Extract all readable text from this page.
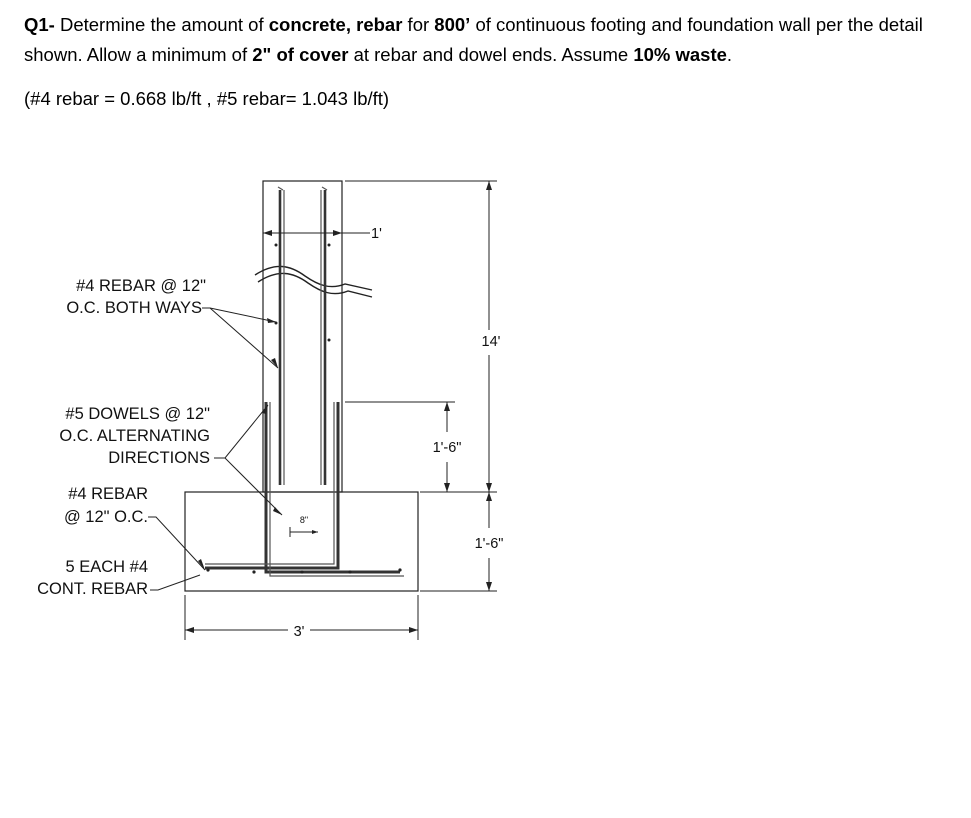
Q1- Determine the amount of concrete, rebar for 800’ of continuous footing and foundation wall per the detail shown. Allow a minimum of 2" of cover at rebar and dowel ends. Assume 10% waste.
(#4 rebar = 0.668 lb/ft , #5 rebar= 1.043 lb/ft)
#4 REBAR @ 12"
O.C. BOTH WAYS
#5 DOWELS @ 12"
O.C. ALTERNATING
DIRECTIONS
#4 REBAR
@ 12" O.C.
5 EACH #4
CONT. REBAR
1'
14'
1'-6"
1'-6"
8"
3'
